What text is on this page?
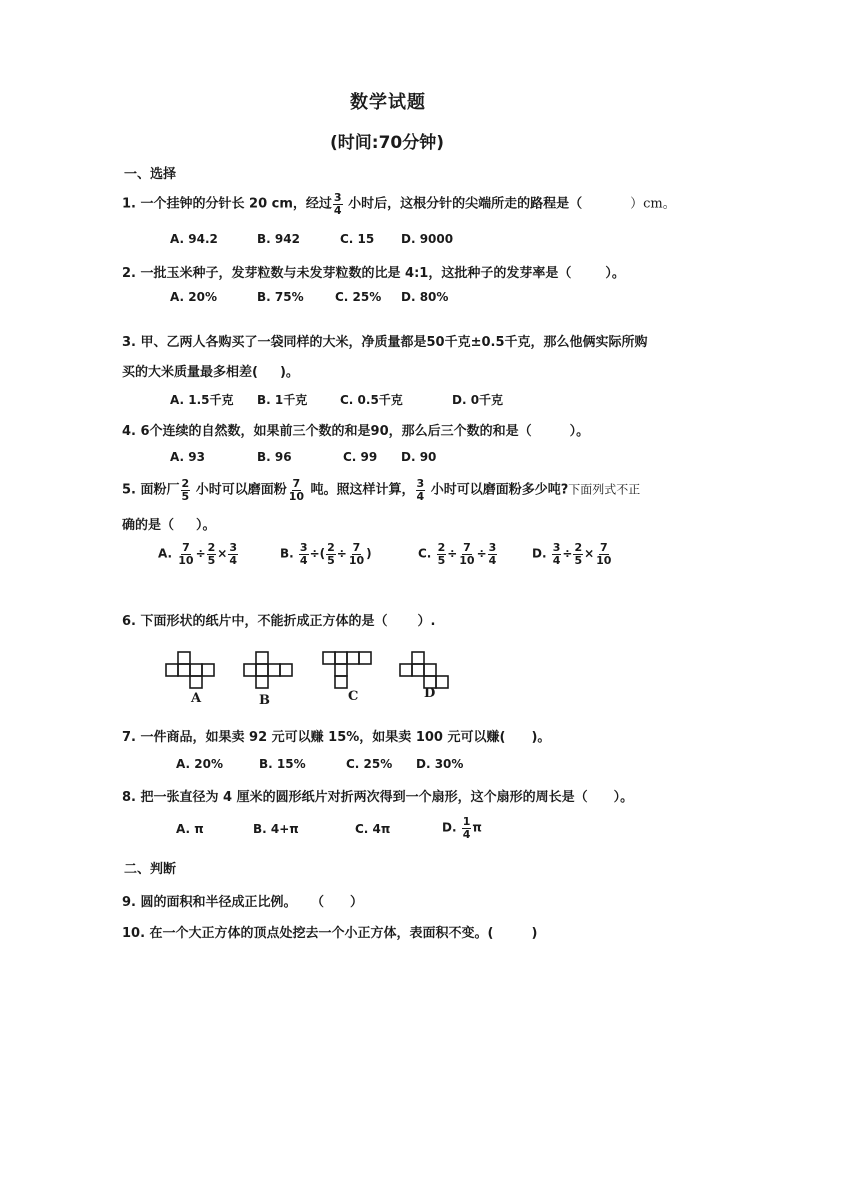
数学试题
(时间:70分钟)
一、选择
1. 一个挂钟的分针长 20 cm，经过 $\frac{3}{4}$ 小时后，这根分针的尖端所走的路程是（	）cm。
A. 94.2	B. 942	C. 15 D. 9000
2. 一批玉米种子，发芽粒数与未发芽粒数的比是 4:1，这批种子的发芽率是（	）。
A. 20%	B. 75%	C. 25% D. 80%
3. 甲、乙两人各购买了一袋同样的大米，净质量都是50千克±0.5千克，那么他俩实际所购
买的大米质量最多相差( )。
A. 1.5千克 B. 1千克	C. 0.5千克	D. 0千克
4. 6个连续的自然数，如果前三个数的和是90，那么后三个数的和是（	）。
A. 93	B. 96	C. 99 D. 90
5. 面粉厂 $\frac{2}{5}$ 小时可以磨面粉 $\frac{7}{10}$ 吨。照这样计算， $\frac{3}{4}$ 小时可以磨面粉多少吨?下面列式不正
确的是（ ）。
A. $\frac{7}{10} \div \frac{2}{5} \times \frac{3}{4}$	B. $\frac{3}{4}$ ÷( $\frac{2}{5} \div \frac{7}{10}$ )	C. $\frac{2}{5} \div \frac{7}{10} \div \frac{3}{4}$	D. $\frac{3}{4} \div \frac{2}{5} \times \frac{7}{10}$
6. 下面形状的纸片中，不能折成正方体的是（ ）.
A	B	C	D
7. 一件商品，如果卖 92 元可以赚 15%，如果卖 100 元可以赚( )。
A. 20%	B. 15%	C. 25% D. 30%
8. 把一张直径为 4 厘米的圆形纸片对折两次得到一个扇形，这个扇形的周长是（ ）。
A. π	B. 4+π	C. 4π	D. $\frac{1}{4}$ π
二、判断
9. 圆的面积和半径成正比例。 （　　）
10. 在一个大正方体的顶点处挖去一个小正方体，表面积不变。(	)
